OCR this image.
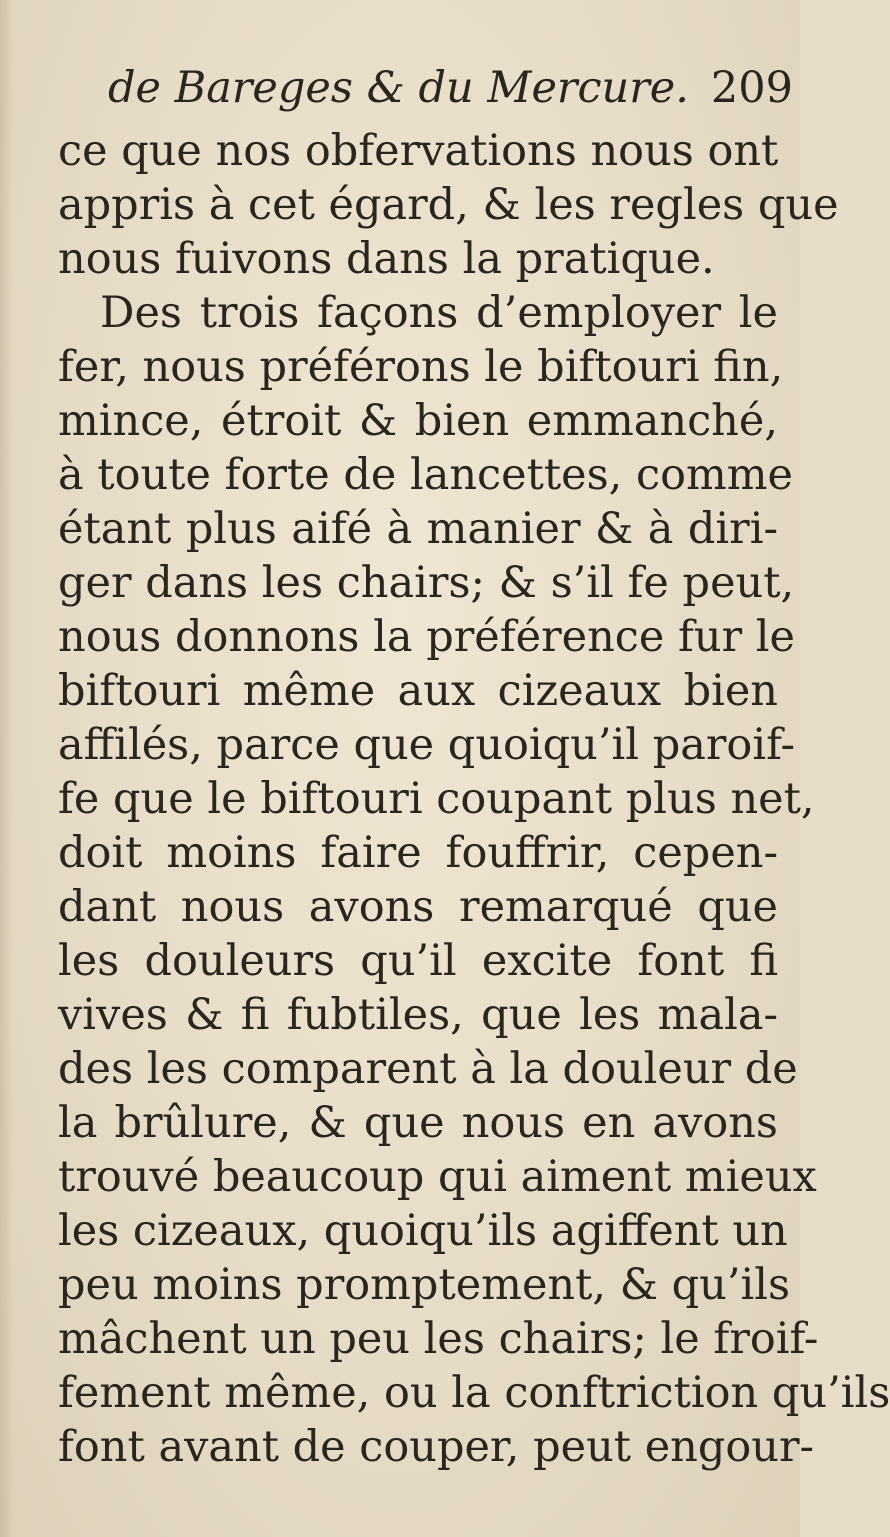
de Bareges & du Mercure. 209
ce que nos obfervations nous ont
appris à cet égard, & les regles que
nous fuivons dans la pratique.
Des trois façons d’employer le
fer, nous préférons le biftouri fin,
mince, étroit & bien emmanché,
à toute forte de lancettes, comme
étant plus aifé à manier & à diri-
ger dans les chairs; & s’il fe peut,
nous donnons la préférence fur le
biftouri même aux cizeaux bien
affilés, parce que quoiqu’il paroif-
fe que le biftouri coupant plus net,
doit moins faire fouffrir, cepen-
dant nous avons remarqué que
les douleurs qu’il excite font fi
vives & fi fubtiles, que les mala-
des les comparent à la douleur de
la brûlure, & que nous en avons
trouvé beaucoup qui aiment mieux
les cizeaux, quoiqu’ils agiffent un
peu moins promptement, & qu’ils
mâchent un peu les chairs; le froif-
fement même, ou la conftriction qu’ils
font avant de couper, peut engour-
